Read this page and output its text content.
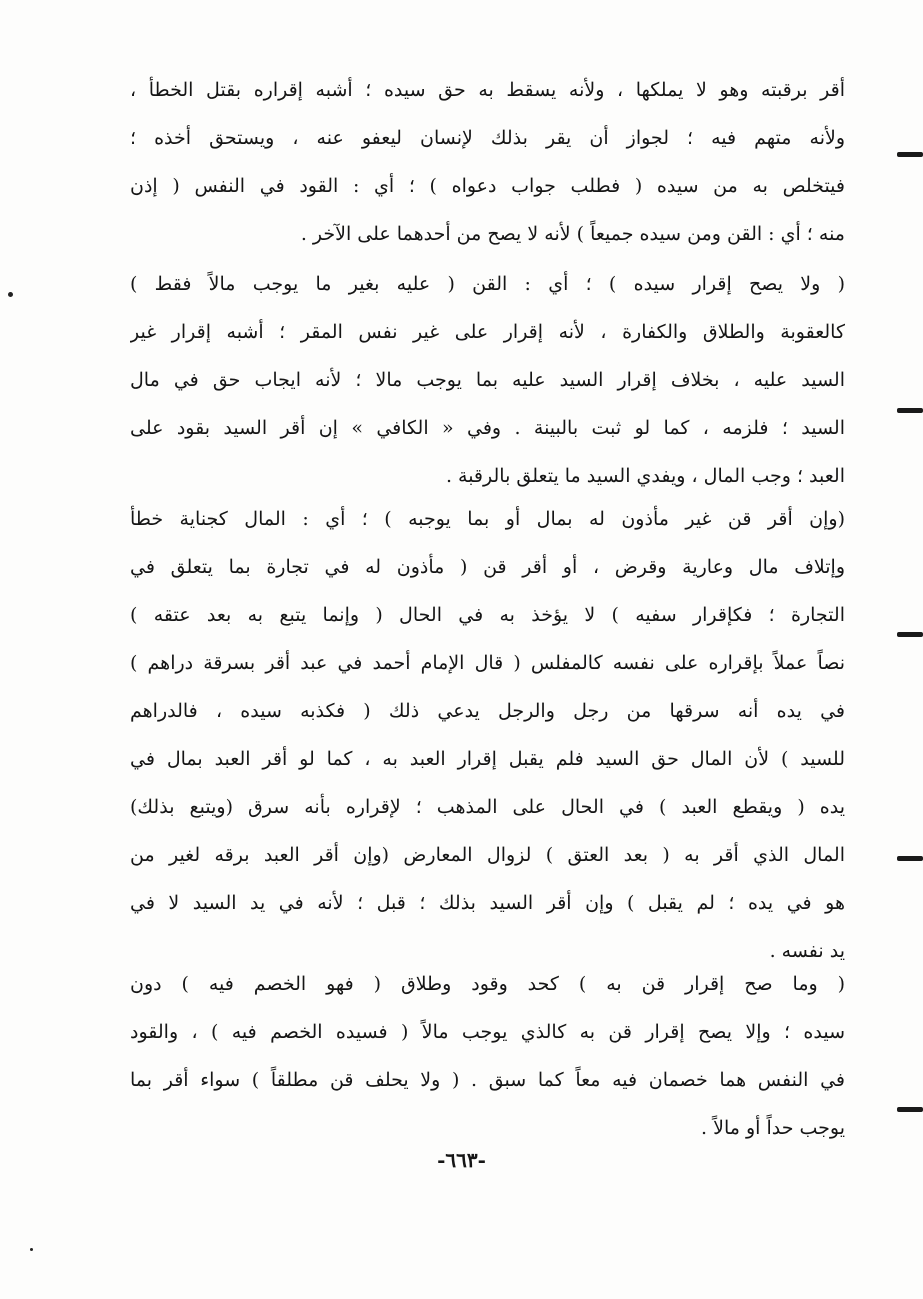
أقر برقبته وهو لا يملكها ، ولأنه يسقط به حق سيده ؛ أشبه إقراره بقتل الخطأ ،
ولأنه متهم فيه ؛ لجواز أن يقر بذلك لإنسان ليعفو عنه ، ويستحق أخذه ؛
فيتخلص به من سيده ( فطلب جواب دعواه ) ؛ أي : القود في النفس ( إذن
منه ؛ أي : القن ومن سيده جميعاً ) لأنه لا يصح من أحدهما على الآخر .
( ولا يصح إقرار سيده ) ؛ أي : القن ( عليه بغير ما يوجب مالاً فقط )
كالعقوبة والطلاق والكفارة ، لأنه إقرار على غير نفس المقر ؛ أشبه إقرار غير
السيد عليه ، بخلاف إقرار السيد عليه بما يوجب مالا ؛ لأنه ايجاب حق في مال
السيد ؛ فلزمه ، كما لو ثبت بالبينة . وفي « الكافي » إن أقر السيد بقود على
العبد ؛ وجب المال ، ويفدي السيد ما يتعلق بالرقبة .
(وإن أقر قن غير مأذون له بمال أو بما يوجبه ) ؛ أي : المال كجناية خطأ
وإتلاف مال وعارية وقرض ، أو أقر قن ( مأذون له في تجارة بما يتعلق في
التجارة ؛ فكإقرار سفيه ) لا يؤخذ به في الحال ( وإنما يتبع به بعد عتقه )
نصاً عملاً بإقراره على نفسه كالمفلس ( قال الإمام أحمد في عبد أقر بسرقة دراهم )
في يده أنه سرقها من رجل والرجل يدعي ذلك ( فكذبه سيده ، فالدراهم
للسيد ) لأن المال حق السيد فلم يقبل إقرار العبد به ، كما لو أقر العبد بمال في
يده ( ويقطع العبد ) في الحال على المذهب ؛ لإقراره بأنه سرق (ويتبع بذلك)
المال الذي أقر به ( بعد العتق ) لزوال المعارض (وإن أقر العبد برقه لغير من
هو في يده ؛ لم يقبل ) وإن أقر السيد بذلك ؛ قبل ؛ لأنه في يد السيد لا في
يد نفسه .
( وما صح إقرار قن به ) كحد وقود وطلاق ( فهو الخصم فيه ) دون
سيده ؛ وإلا يصح إقرار قن به كالذي يوجب مالاً ( فسيده الخصم فيه ) ، والقود
في النفس هما خصمان فيه معاً كما سبق . ( ولا يحلف قن مطلقاً ) سواء أقر بما
يوجب حداً أو مالاً .
-٦٦٣-
